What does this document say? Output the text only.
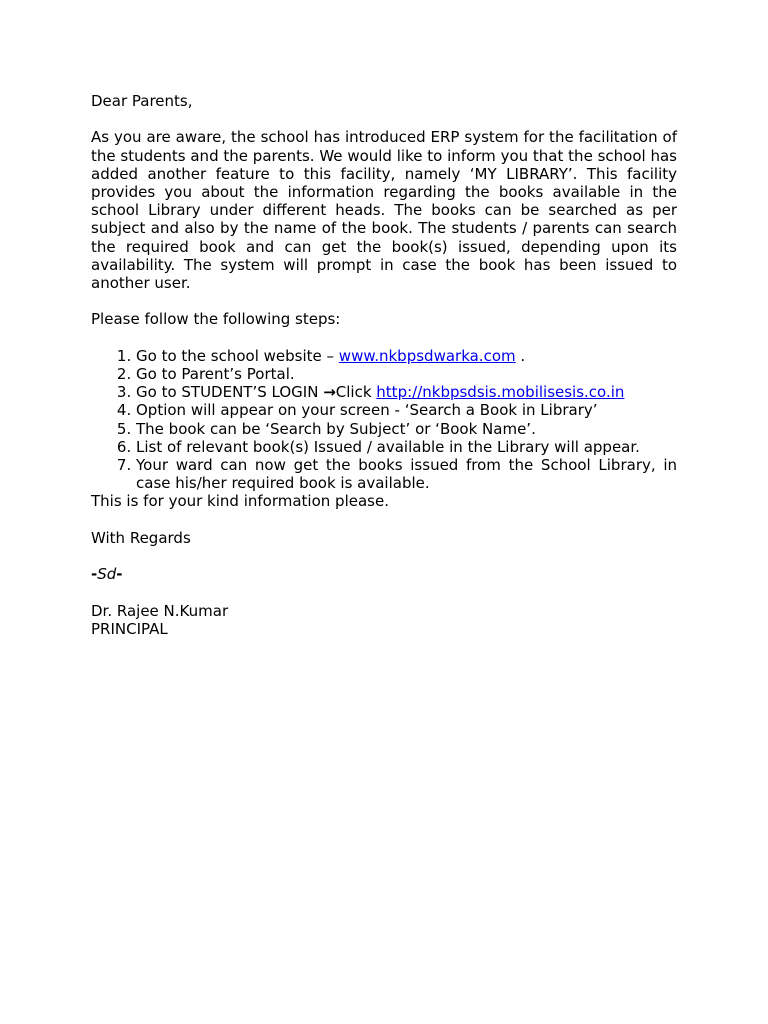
Dear Parents,

As you are aware, the school has introduced ERP system for the facilitation of the students and the parents. We would like to inform you that the school has added another feature to this facility, namely ‘MY LIBRARY’. This facility provides you about the information regarding the books available in the school Library under different heads. The books can be searched as per subject and also by the name of the book. The students / parents can search the required book and can get the book(s) issued, depending upon its availability. The system will prompt in case the book has been issued to another user.

Please follow the following steps:

1. Go to the school website – www.nkbpsdwarka.com .
2. Go to Parent’s Portal.
3. Go to STUDENT’S LOGIN →Click http://nkbpsdsis.mobilisesis.co.in
4. Option will appear on your screen - ‘Search a Book in Library’
5. The book can be ‘Search by Subject’ or ‘Book Name’.
6. List of relevant book(s) Issued / available in the Library will appear.
7. Your ward can now get the books issued from the School Library, in case his/her required book is available.

This is for your kind information please.

With Regards

-Sd-

Dr. Rajee N.Kumar

PRINCIPAL
